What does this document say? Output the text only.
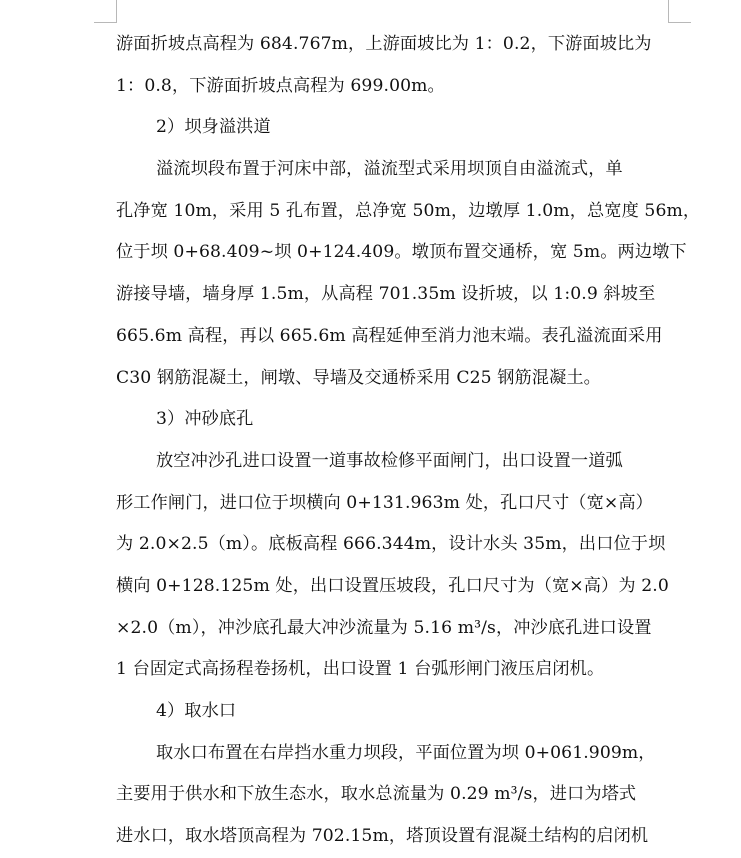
游面折坡点高程为 684.767m，上游面坡比为 1：0.2，下游面坡比为
1：0.8，下游面折坡点高程为 699.00m。
2）坝身溢洪道
溢流坝段布置于河床中部，溢流型式采用坝顶自由溢流式，单
孔净宽 10m，采用 5 孔布置，总净宽 50m，边墩厚 1.0m，总宽度 56m，
位于坝 0+68.409~坝 0+124.409。墩顶布置交通桥，宽 5m。两边墩下
游接导墙，墙身厚 1.5m，从高程 701.35m 设折坡，以 1:0.9 斜坡至
665.6m 高程，再以 665.6m 高程延伸至消力池末端。表孔溢流面采用
C30 钢筋混凝土，闸墩、导墙及交通桥采用 C25 钢筋混凝土。
3）冲砂底孔
放空冲沙孔进口设置一道事故检修平面闸门，出口设置一道弧
形工作闸门，进口位于坝横向 0+131.963m 处，孔口尺寸（宽×高）
为 2.0×2.5（m）。底板高程 666.344m，设计水头 35m，出口位于坝
横向 0+128.125m 处，出口设置压坡段，孔口尺寸为（宽×高）为 2.0
×2.0（m），冲沙底孔最大冲沙流量为 5.16 m³/s，冲沙底孔进口设置
1 台固定式高扬程卷扬机，出口设置 1 台弧形闸门液压启闭机。
4）取水口
取水口布置在右岸挡水重力坝段，平面位置为坝 0+061.909m，
主要用于供水和下放生态水，取水总流量为 0.29 m³/s，进口为塔式
进水口，取水塔顶高程为 702.15m，塔顶设置有混凝土结构的启闭机
